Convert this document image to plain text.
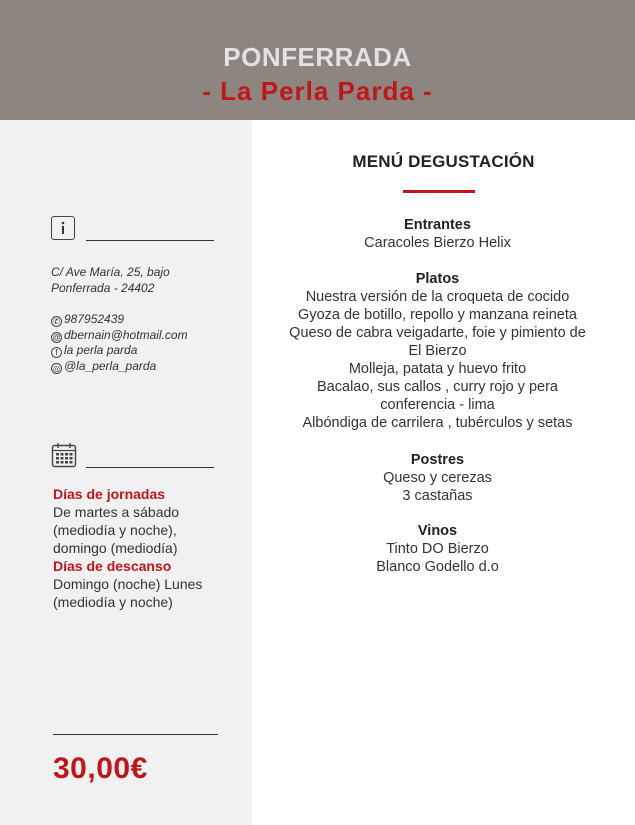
PONFERRADA
- La Perla Parda -
C/ Ave María, 25, bajo
Ponferrada - 24402
✆ 987952439
@ dbernain@hotmail.com
f la perla parda
◎ @la_perla_parda
Días de jornadas
De martes a sábado
(mediodía y noche),
domingo (mediodía)
Días de descanso
Domingo (noche) Lunes
(mediodía y noche)
30,00€
MENÚ DEGUSTACIÓN
Entrantes
Caracoles Bierzo Helix
Platos
Nuestra versión de la croqueta de cocido
Gyoza de botillo, repollo y manzana reineta
Queso de cabra veigadarte, foie y pimiento de
El Bierzo
Molleja, patata y huevo frito
Bacalao, sus callos , curry rojo y pera
conferencia - lima
Albóndiga de carrilera , tubérculos y setas
Postres
Queso y cerezas
3 castañas
Vinos
Tinto DO Bierzo
Blanco Godello d.o
